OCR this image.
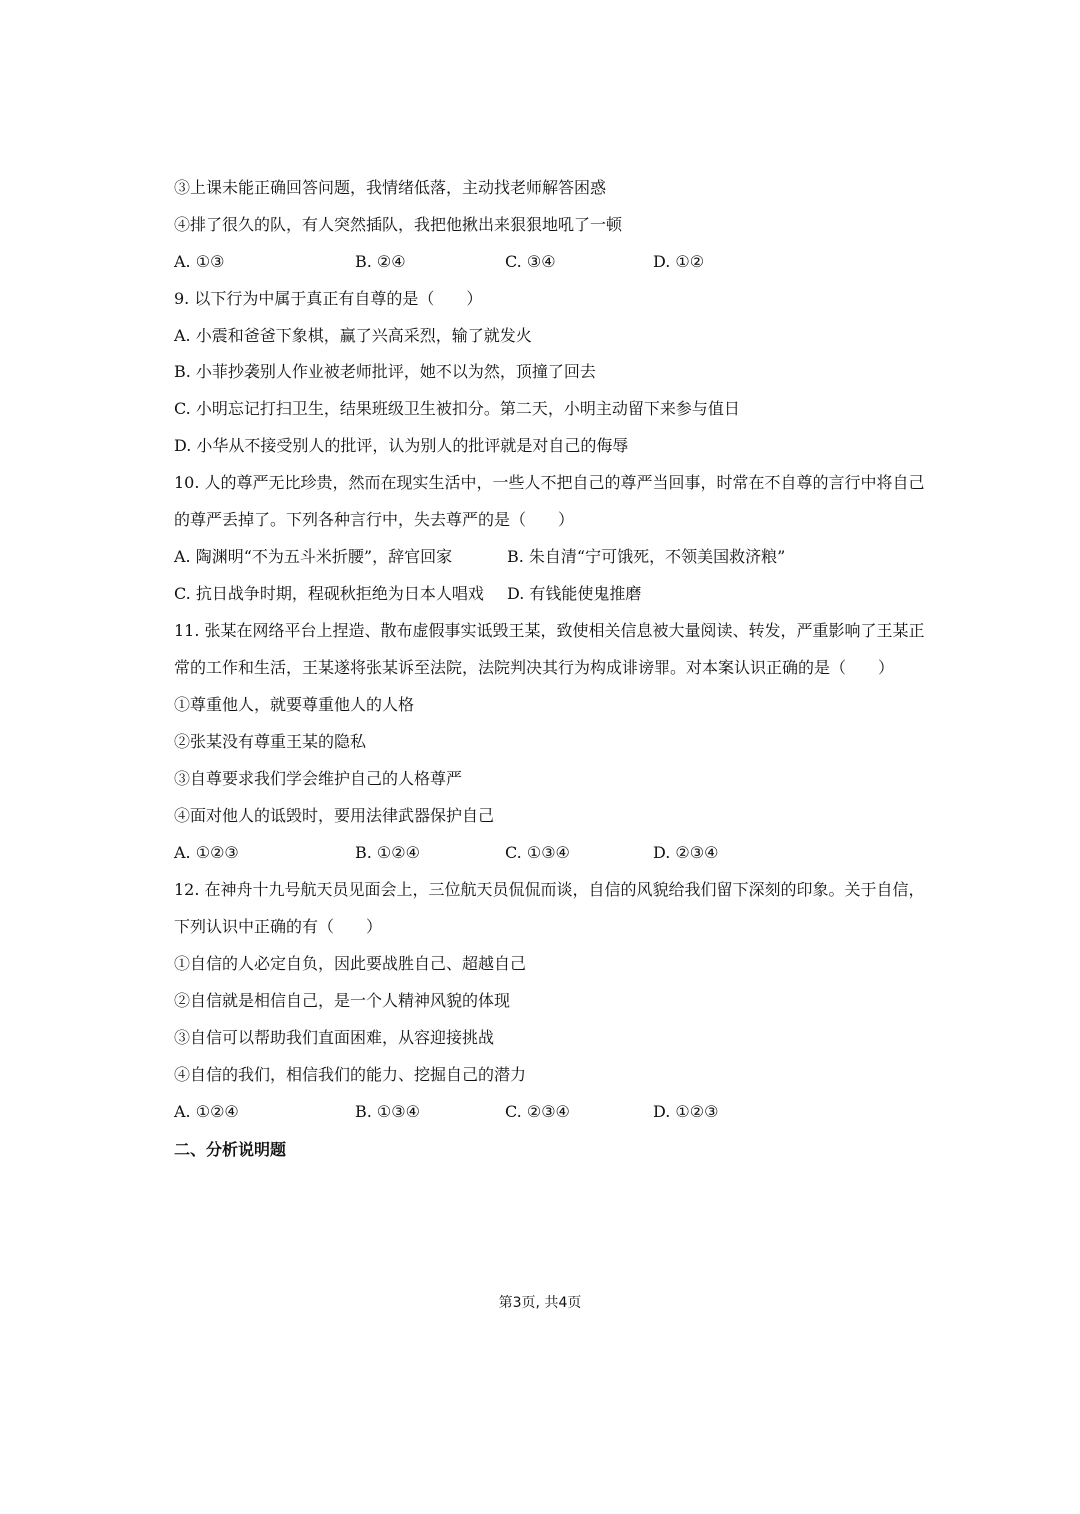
③上课未能正确回答问题，我情绪低落，主动找老师解答困惑
④排了很久的队，有人突然插队，我把他揪出来狠狠地吼了一顿
A. ①③	B. ②④	C. ③④	D. ①②
9. 以下行为中属于真正有自尊的是（　　）
A. 小震和爸爸下象棋，赢了兴高采烈，输了就发火
B. 小菲抄袭别人作业被老师批评，她不以为然，顶撞了回去
C. 小明忘记打扫卫生，结果班级卫生被扣分。第二天，小明主动留下来参与值日
D. 小华从不接受别人的批评，认为别人的批评就是对自己的侮辱
10. 人的尊严无比珍贵，然而在现实生活中，一些人不把自己的尊严当回事，时常在不自尊的言行中将自己
的尊严丢掉了。下列各种言行中，失去尊严的是（　　）
A. 陶渊明“不为五斗米折腰”，辞官回家	B. 朱自清“宁可饿死，不领美国救济粮”
C. 抗日战争时期，程砚秋拒绝为日本人唱戏	D. 有钱能使鬼推磨
11. 张某在网络平台上捏造、散布虚假事实诋毁王某，致使相关信息被大量阅读、转发，严重影响了王某正
常的工作和生活，王某遂将张某诉至法院，法院判决其行为构成诽谤罪。对本案认识正确的是（　　）
①尊重他人，就要尊重他人的人格
②张某没有尊重王某的隐私
③自尊要求我们学会维护自己的人格尊严
④面对他人的诋毁时，要用法律武器保护自己
A. ①②③	B. ①②④	C. ①③④	D. ②③④
12. 在神舟十九号航天员见面会上，三位航天员侃侃而谈，自信的风貌给我们留下深刻的印象。关于自信，
下列认识中正确的有（　　）
①自信的人必定自负，因此要战胜自己、超越自己
②自信就是相信自己，是一个人精神风貌的体现
③自信可以帮助我们直面困难，从容迎接挑战
④自信的我们，相信我们的能力、挖掘自己的潜力
A. ①②④	B. ①③④	C. ②③④	D. ①②③
二、分析说明题
第3页, 共4页
